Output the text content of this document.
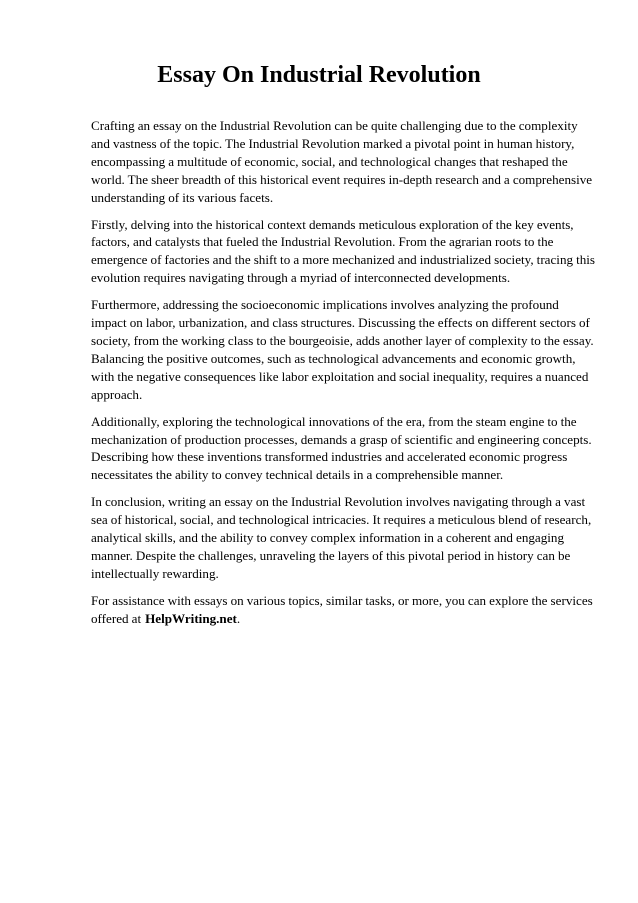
Essay On Industrial Revolution

Crafting an essay on the Industrial Revolution can be quite challenging due to the complexity and vastness of the topic. The Industrial Revolution marked a pivotal point in human history, encompassing a multitude of economic, social, and technological changes that reshaped the world. The sheer breadth of this historical event requires in-depth research and a comprehensive understanding of its various facets.

Firstly, delving into the historical context demands meticulous exploration of the key events, factors, and catalysts that fueled the Industrial Revolution. From the agrarian roots to the emergence of factories and the shift to a more mechanized and industrialized society, tracing this evolution requires navigating through a myriad of interconnected developments.

Furthermore, addressing the socioeconomic implications involves analyzing the profound impact on labor, urbanization, and class structures. Discussing the effects on different sectors of society, from the working class to the bourgeoisie, adds another layer of complexity to the essay. Balancing the positive outcomes, such as technological advancements and economic growth, with the negative consequences like labor exploitation and social inequality, requires a nuanced approach.

Additionally, exploring the technological innovations of the era, from the steam engine to the mechanization of production processes, demands a grasp of scientific and engineering concepts. Describing how these inventions transformed industries and accelerated economic progress necessitates the ability to convey technical details in a comprehensible manner.

In conclusion, writing an essay on the Industrial Revolution involves navigating through a vast sea of historical, social, and technological intricacies. It requires a meticulous blend of research, analytical skills, and the ability to convey complex information in a coherent and engaging manner. Despite the challenges, unraveling the layers of this pivotal period in history can be intellectually rewarding.

For assistance with essays on various topics, similar tasks, or more, you can explore the services offered at HelpWriting.net.
